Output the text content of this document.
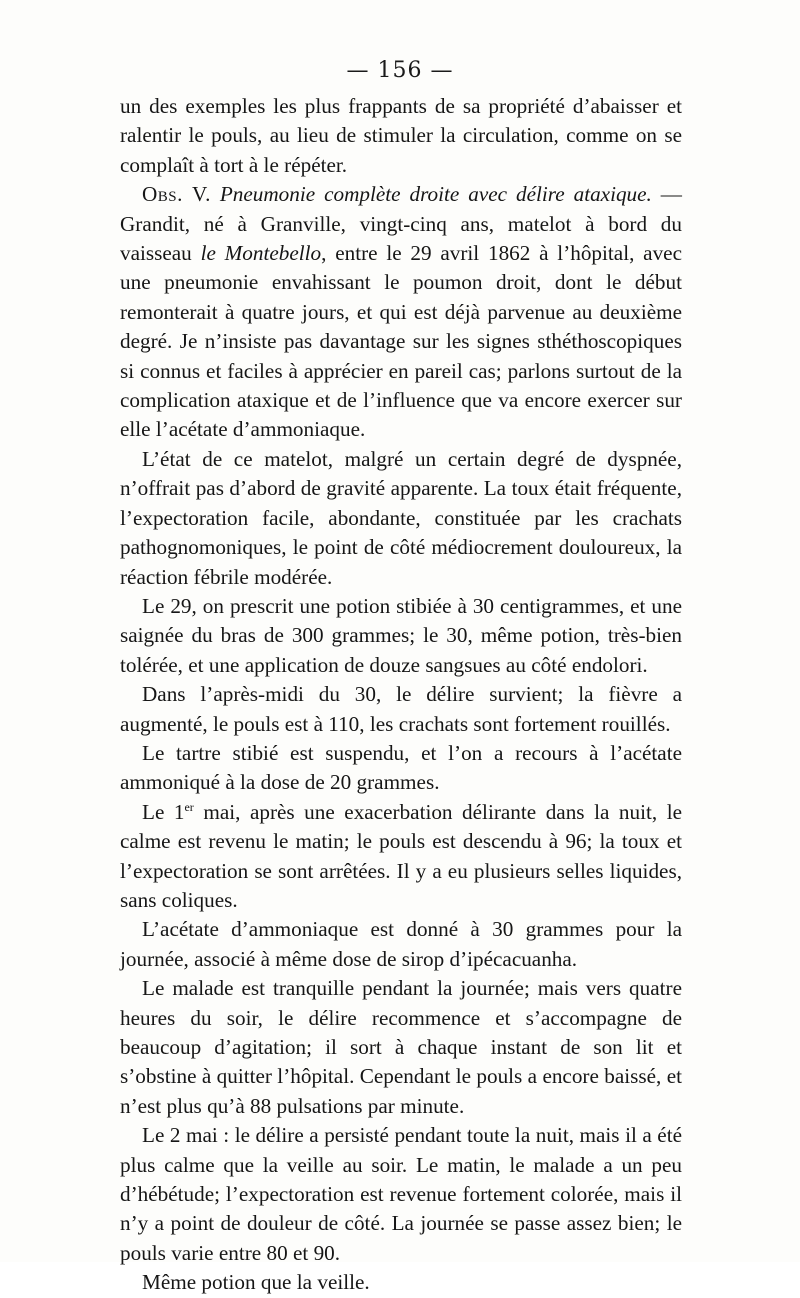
— 156 —

un des exemples les plus frappants de sa propriété d’abaisser et ralentir le pouls, au lieu de stimuler la circulation, comme on se complaît à tort à le répéter.

Obs. V. Pneumonie complète droite avec délire ataxique. — Grandit, né à Granville, vingt-cinq ans, matelot à bord du vaisseau le Montebello, entre le 29 avril 1862 à l’hôpital, avec une pneumonie envahissant le poumon droit, dont le début remonterait à quatre jours, et qui est déjà parvenue au deuxième degré. Je n’insiste pas davantage sur les signes sthéthoscopiques si connus et faciles à apprécier en pareil cas; parlons surtout de la complication ataxique et de l’influence que va encore exercer sur elle l’acétate d’ammoniaque.

L’état de ce matelot, malgré un certain degré de dyspnée, n’offrait pas d’abord de gravité apparente. La toux était fréquente, l’expectoration facile, abondante, constituée par les crachats pathognomoniques, le point de côté médiocrement douloureux, la réaction fébrile modérée.

Le 29, on prescrit une potion stibiée à 30 centigrammes, et une saignée du bras de 300 grammes; le 30, même potion, très-bien tolérée, et une application de douze sangsues au côté endolori.

Dans l’après-midi du 30, le délire survient; la fièvre a augmenté, le pouls est à 110, les crachats sont fortement rouillés.

Le tartre stibié est suspendu, et l’on a recours à l’acétate ammoniqué à la dose de 20 grammes.

Le 1er mai, après une exacerbation délirante dans la nuit, le calme est revenu le matin; le pouls est descendu à 96; la toux et l’expectoration se sont arrêtées. Il y a eu plusieurs selles liquides, sans coliques.

L’acétate d’ammoniaque est donné à 30 grammes pour la journée, associé à même dose de sirop d’ipécacuanha.

Le malade est tranquille pendant la journée; mais vers quatre heures du soir, le délire recommence et s’accompagne de beaucoup d’agitation; il sort à chaque instant de son lit et s’obstine à quitter l’hôpital. Cependant le pouls a encore baissé, et n’est plus qu’à 88 pulsations par minute.

Le 2 mai : le délire a persisté pendant toute la nuit, mais il a été plus calme que la veille au soir. Le matin, le malade a un peu d’hébétude; l’expectoration est revenue fortement colorée, mais il n’y a point de douleur de côté. La journée se passe assez bien; le pouls varie entre 80 et 90.

Même potion que la veille.
